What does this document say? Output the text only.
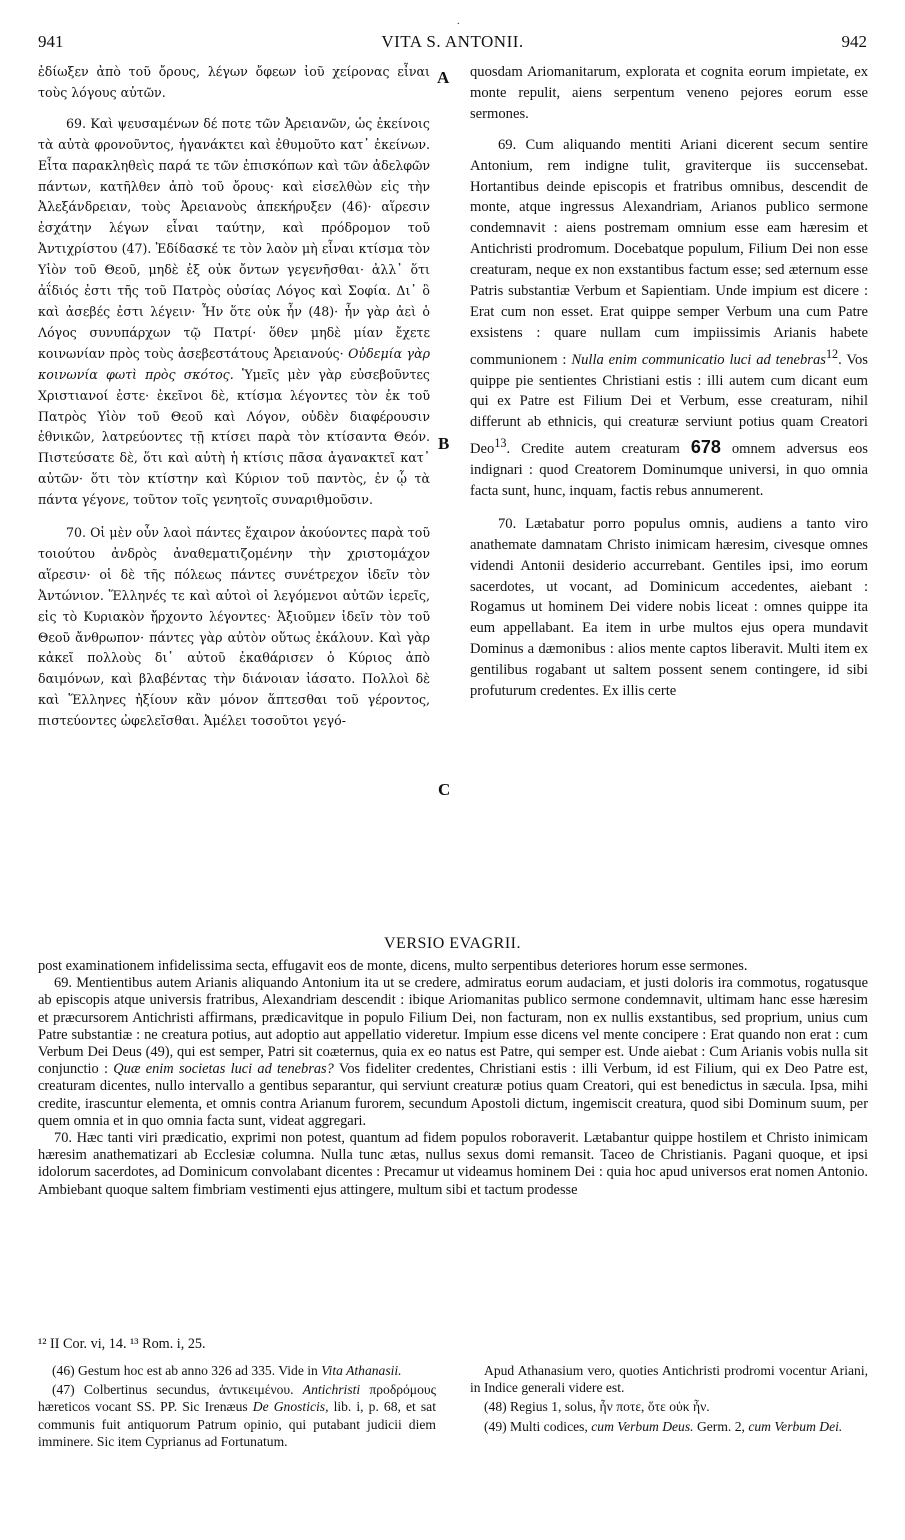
.
941	VITA S. ANTONII.	942
A
B
C

ἐδίωξεν ἀπὸ τοῦ ὄρους, λέγων ὄφεων ἰοῦ χείρονας εἶναι τοὺς λόγους αὐτῶν.

69. Καὶ ψευσαμένων δέ ποτε τῶν Ἀρειανῶν, ὡς ἐκείνοις τὰ αὐτὰ φρονοῦντος, ἠγανάκτει καὶ ἐθυμοῦτο κατ᾽ ἐκείνων. Εἶτα παρακληθεὶς παρά τε τῶν ἐπισκόπων καὶ τῶν ἀδελφῶν πάντων, κατῆλθεν ἀπὸ τοῦ ὄρους· καὶ εἰσελθὼν εἰς τὴν Ἀλεξάνδρειαν, τοὺς Ἀρειανοὺς ἀπεκήρυξεν (46)· αἵρεσιν ἐσχάτην λέγων εἶναι ταύτην, καὶ πρόδρομον τοῦ Ἀντιχρίστου (47). Ἐδίδασκέ τε τὸν λαὸν μὴ εἶναι κτίσμα τὸν Υἱὸν τοῦ Θεοῦ, μηδὲ ἐξ οὐκ ὄντων γεγενῆσθαι· ἀλλ᾽ ὅτι ἀΐδιός ἐστι τῆς τοῦ Πατρὸς οὐσίας Λόγος καὶ Σοφία. Δι᾽ ὃ καὶ ἀσεβές ἐστι λέγειν· Ἦν ὅτε οὐκ ἦν (48)· ἦν γὰρ ἀεὶ ὁ Λόγος συνυπάρχων τῷ Πατρί· ὅθεν μηδὲ μίαν ἔχετε κοινωνίαν πρὸς τοὺς ἀσεβεστάτους Ἀρειανούς· Οὐδεμία γὰρ κοινωνία φωτὶ πρὸς σκότος. Ὑμεῖς μὲν γὰρ εὐσεβοῦντες Χριστιανοί ἐστε· ἐκεῖνοι δὲ, κτίσμα λέγοντες τὸν ἐκ τοῦ Πατρὸς Υἱὸν τοῦ Θεοῦ καὶ Λόγον, οὐδὲν διαφέρουσιν ἐθνικῶν, λατρεύοντες τῇ κτίσει παρὰ τὸν κτίσαντα Θεόν. Πιστεύσατε δὲ, ὅτι καὶ αὐτὴ ἡ κτίσις πᾶσα ἀγανακτεῖ κατ᾽ αὐτῶν· ὅτι τὸν κτίστην καὶ Κύριον τοῦ παντὸς, ἐν ᾧ τὰ πάντα γέγονε, τοῦτον τοῖς γενητοῖς συναριθμοῦσιν.

70. Οἱ μὲν οὖν λαοὶ πάντες ἔχαιρον ἀκούοντες παρὰ τοῦ τοιούτου ἀνδρὸς ἀναθεματιζομένην τὴν χριστομάχον αἵρεσιν· οἱ δὲ τῆς πόλεως πάντες συνέτρεχον ἰδεῖν τὸν Ἀντώνιον. Ἕλληνές τε καὶ αὐτοὶ οἱ λεγόμενοι αὐτῶν ἱερεῖς, εἰς τὸ Κυριακὸν ἤρχοντο λέγοντες· Ἀξιοῦμεν ἰδεῖν τὸν τοῦ Θεοῦ ἄνθρωπον· πάντες γὰρ αὐτὸν οὕτως ἐκάλουν. Καὶ γὰρ κἀκεῖ πολλοὺς δι᾽ αὐτοῦ ἐκαθάρισεν ὁ Κύριος ἀπὸ δαιμόνων, καὶ βλαβέντας τὴν διάνοιαν ἰάσατο. Πολλοὶ δὲ καὶ Ἕλληνες ἠξίουν κἂν μόνον ἅπτεσθαι τοῦ γέροντος, πιστεύοντες ὠφελεῖσθαι. Ἀμέλει τοσοῦτοι γεγό-

quosdam Ariomanitarum, explorata et cognita eorum impietate, ex monte repulit, aiens serpentum veneno pejores eorum esse sermones.

69. Cum aliquando mentiti Ariani dicerent secum sentire Antonium, rem indigne tulit, graviterque iis succensebat. Hortantibus deinde episcopis et fratribus omnibus, descendit de monte, atque ingressus Alexandriam, Arianos publico sermone condemnavit : aiens postremam omnium esse eam hæresim et Antichristi prodromum. Docebatque populum, Filium Dei non esse creaturam, neque ex non exstantibus factum esse; sed æternum esse Patris substantiæ Verbum et Sapientiam. Unde impium est dicere : Erat cum non esset. Erat quippe semper Verbum una cum Patre exsistens : quare nullam cum impiissimis Arianis habete communionem : Nulla enim communicatio luci ad tenebras$^{12}$. Vos quippe pie sentientes Christiani estis : illi autem cum dicant eum qui ex Patre est Filium Dei et Verbum, esse creaturam, nihil differunt ab ethnicis, qui creaturæ serviunt potius quam Creatori Deo$^{13}$. Credite autem creaturam 678 omnem adversus eos indignari : quod Creatorem Dominumque universi, in quo omnia facta sunt, hunc, inquam, factis rebus annumerent.

70. Lætabatur porro populus omnis, audiens a tanto viro anathemate damnatam Christo inimicam hæresim, civesque omnes videndi Antonii desiderio accurrebant. Gentiles ipsi, imo eorum sacerdotes, ut vocant, ad Dominicum accedentes, aiebant : Rogamus ut hominem Dei videre nobis liceat : omnes quippe ita eum appellabant. Ea item in urbe multos ejus opera mundavit Dominus a dæmonibus : alios mente captos liberavit. Multi item ex gentilibus rogabant ut saltem possent senem contingere, id sibi profuturum credentes. Ex illis certe

VERSIO EVAGRII.

post examinationem infidelissima secta, effugavit eos de monte, dicens, multo serpentibus deteriores horum esse sermones.

69. Mentientibus autem Arianis aliquando Antonium ita ut se credere, admiratus eorum audaciam, et justi doloris ira commotus, rogatusque ab episcopis atque universis fratribus, Alexandriam descendit : ibique Ariomanitas publico sermone condemnavit, ultimam hanc esse hæresim et præcursorem Antichristi affirmans, prædicavitque in populo Filium Dei, non facturam, non ex nullis exstantibus, sed proprium, unius cum Patre substantiæ : ne creatura potius, aut adoptio aut appellatio videretur. Impium esse dicens vel mente concipere : Erat quando non erat : cum Verbum Dei Deus (49), qui est semper, Patri sit coæternus, quia ex eo natus est Patre, qui semper est. Unde aiebat : Cum Arianis vobis nulla sit conjunctio : Quæ enim societas luci ad tenebras? Vos fideliter credentes, Christiani estis : illi Verbum, id est Filium, qui ex Deo Patre est, creaturam dicentes, nullo intervallo a gentibus separantur, qui serviunt creaturæ potius quam Creatori, qui est benedictus in sæcula. Ipsa, mihi credite, irascuntur elementa, et omnis contra Arianum furorem, secundum Apostoli dictum, ingemiscit creatura, quod sibi Dominum suum, per quem omnia et in quo omnia facta sunt, videat aggregari.

70. Hæc tanti viri prædicatio, exprimi non potest, quantum ad fidem populos roboraverit. Lætabantur quippe hostilem et Christo inimicam hæresim anathematizari ab Ecclesiæ columna. Nulla tunc ætas, nullus sexus domi remansit. Taceo de Christianis. Pagani quoque, et ipsi idolorum sacerdotes, ad Dominicum convolabant dicentes : Precamur ut videamus hominem Dei : quia hoc apud universos erat nomen Antonio. Ambiebant quoque saltem fimbriam vestimenti ejus attingere, multum sibi et tactum prodesse

¹² II Cor. vi, 14. ¹³ Rom. i, 25.

(46) Gestum hoc est ab anno 326 ad 335. Vide in Vita Athanasii.

(47) Colbertinus secundus, ἀντικειμένου. Antichristi προδρόμους hæreticos vocant SS. PP. Sic Irenæus De Gnosticis, lib. i, p. 68, et sat communis fuit antiquorum Patrum opinio, qui putabant judicii diem imminere. Sic item Cyprianus ad Fortunatum.

Apud Athanasium vero, quoties Antichristi prodromi vocentur Ariani, in Indice generali videre est.

(48) Regius 1, solus, ἦν ποτε, ὅτε οὐκ ἦν.

(49) Multi codices, cum Verbum Deus. Germ. 2, cum Verbum Dei.
